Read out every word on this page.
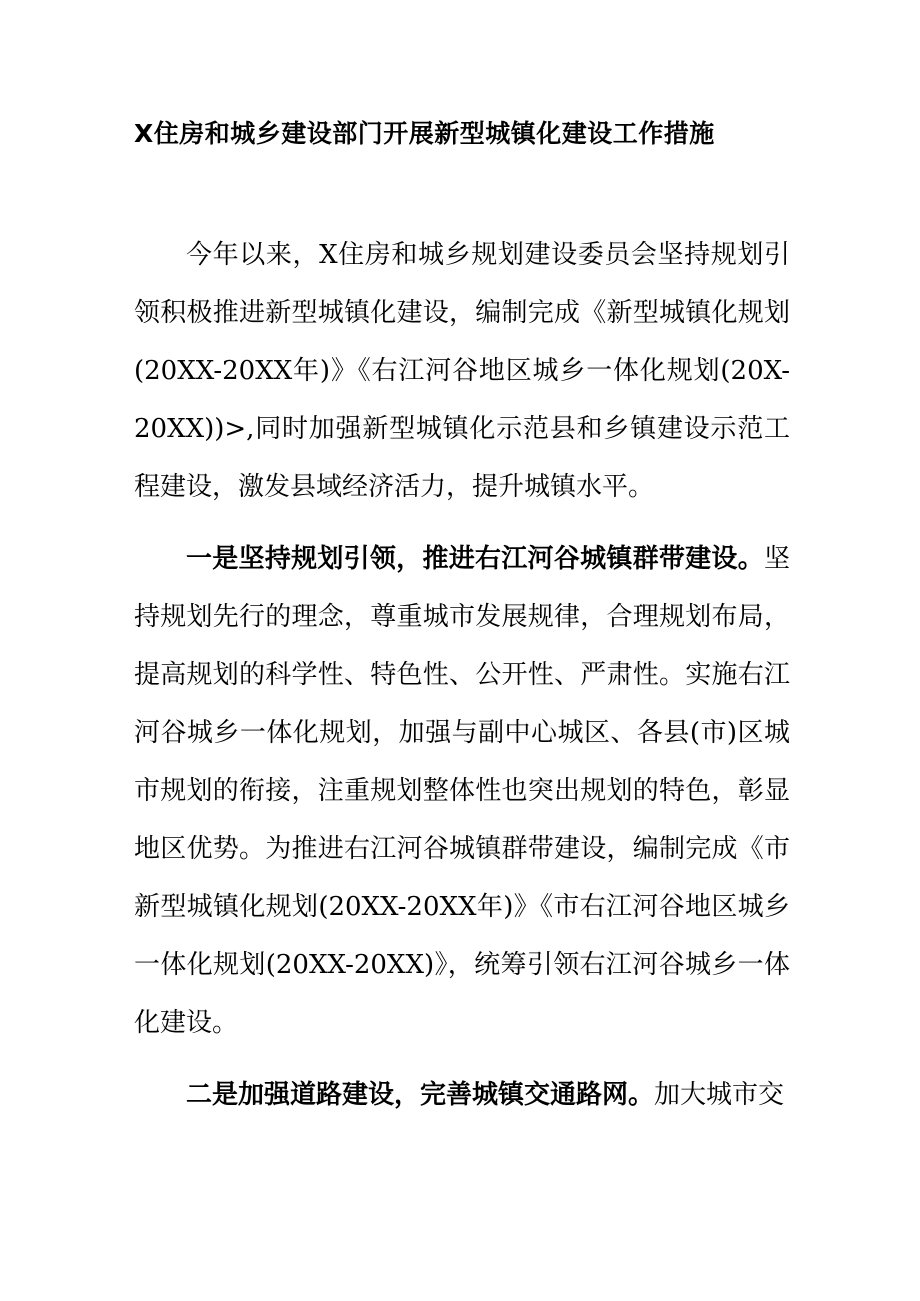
X住房和城乡建设部门开展新型城镇化建设工作措施

今年以来，X住房和城乡规划建设委员会坚持规划引领积极推进新型城镇化建设，编制完成《新型城镇化规划(20XX-20XX年)》《右江河谷地区城乡一体化规划(20X-20XX))>,同时加强新型城镇化示范县和乡镇建设示范工程建设，激发县域经济活力，提升城镇水平。

一是坚持规划引领，推进右江河谷城镇群带建设。坚持规划先行的理念，尊重城市发展规律，合理规划布局，提高规划的科学性、特色性、公开性、严肃性。实施右江河谷城乡一体化规划，加强与副中心城区、各县(市)区城市规划的衔接，注重规划整体性也突出规划的特色，彰显地区优势。为推进右江河谷城镇群带建设，编制完成《市新型城镇化规划(20XX-20XX年)》《市右江河谷地区城乡一体化规划(20XX-20XX)》，统筹引领右江河谷城乡一体化建设。

二是加强道路建设，完善城镇交通路网。加大城市交
